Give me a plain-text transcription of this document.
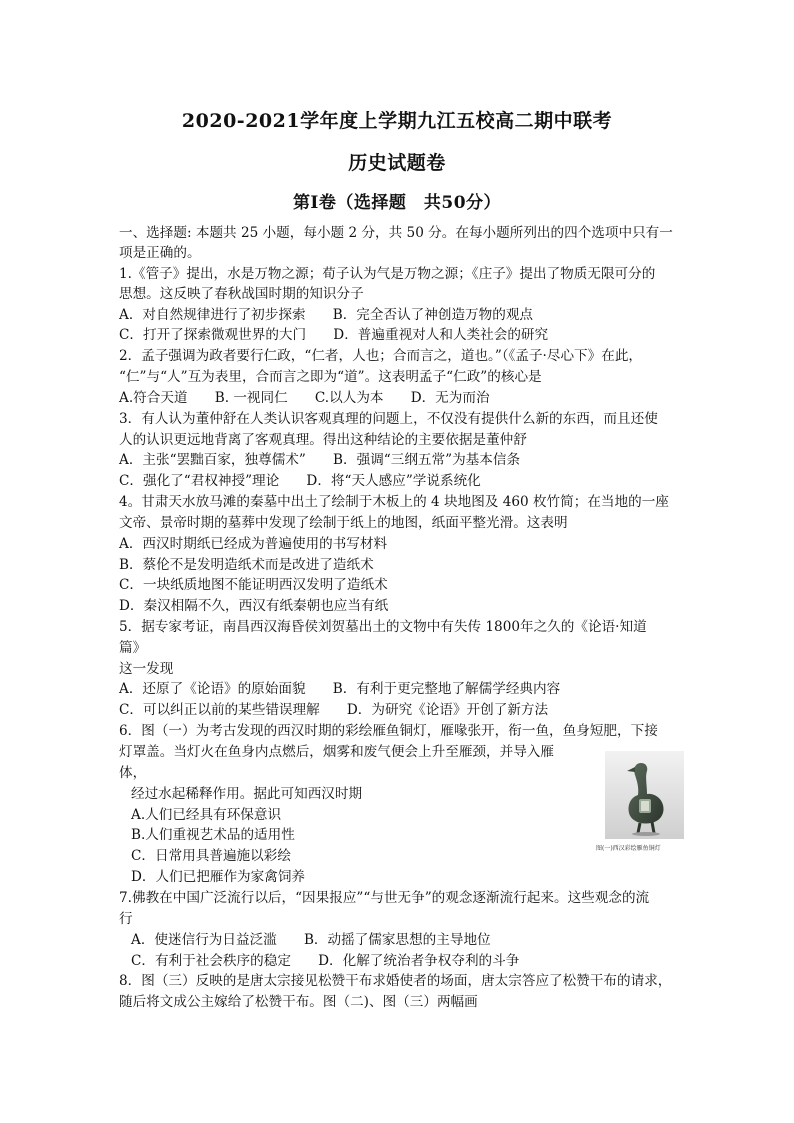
2020-2021学年度上学期九江五校高二期中联考
历史试题卷
第Ⅰ卷（选择题　共50分）
一、选择题: 本题共 25 小题，每小题 2 分，共 50 分。在每小题所列出的四个选项中只有一
项是正确的。
1.《管子》提出，水是万物之源；荀子认为气是万物之源；《庄子》提出了物质无限可分的
思想。这反映了春秋战国时期的知识分子
A．对自然规律进行了初步探索　　B．完全否认了神创造万物的观点
C．打开了探索微观世界的大门　　D．普遍重视对人和人类社会的研究
2．孟子强调为政者要行仁政，“仁者，人也；合而言之，道也。”（《孟子·尽心下》在此，
“仁”与“人”互为表里，合而言之即为“道”。这表明孟子“仁政”的核心是
A.符合天道　　B. 一视同仁　　C.以人为本　　D．无为而治
3．有人认为董仲舒在人类认识客观真理的问题上，不仅没有提供什么新的东西，而且还使
人的认识更远地背离了客观真理。得出这种结论的主要依据是董仲舒
A．主张“罢黜百家，独尊儒术”　　B．强调“三纲五常”为基本信条
C．强化了“君权神授”理论　　D．将“天人感应”学说系统化
4。甘肃天水放马滩的秦墓中出土了绘制于木板上的 4 块地图及 460 枚竹简；在当地的一座
文帝、景帝时期的墓葬中发现了绘制于纸上的地图，纸面平整光滑。这表明
A．西汉时期纸已经成为普遍使用的书写材料
B．蔡伦不是发明造纸术而是改进了造纸术
C．一块纸质地图不能证明西汉发明了造纸术
D．秦汉相隔不久，西汉有纸秦朝也应当有纸
5．据专家考证，南昌西汉海昏侯刘贺墓出土的文物中有失传 1800年之久的《论语·知道
篇》
这一发现
A．还原了《论语》的原始面貌　　B．有利于更完整地了解儒学经典内容
C．可以纠正以前的某些错误理解　　D．为研究《论语》开创了新方法
6．图（一）为考古发现的西汉时期的彩绘雁鱼铜灯，雁喙张开，衔一鱼，鱼身短肥，下接
灯罩盖。当灯火在鱼身内点燃后，烟雾和废气便会上升至雁颈，并导入雁
体，
经过水起稀释作用。据此可知西汉时期
A.人们已经具有环保意识
B.人们重视艺术品的适用性
C．日常用具普遍施以彩绘
D．人们已把雁作为家禽饲养
7.佛教在中国广泛流行以后，“因果报应”“与世无争”的观念逐渐流行起来。这些观念的流
行
A．使迷信行为日益泛滥　　B．动摇了儒家思想的主导地位
C．有利于社会秩序的稳定　　D．化解了统治者争权夺利的斗争
8．图（三）反映的是唐太宗接见松赞干布求婚使者的场面，唐太宗答应了松赞干布的请求，
随后将文成公主嫁给了松赞干布。图（二)、图（三）两幅画
图(一)西汉彩绘雁鱼铜灯
